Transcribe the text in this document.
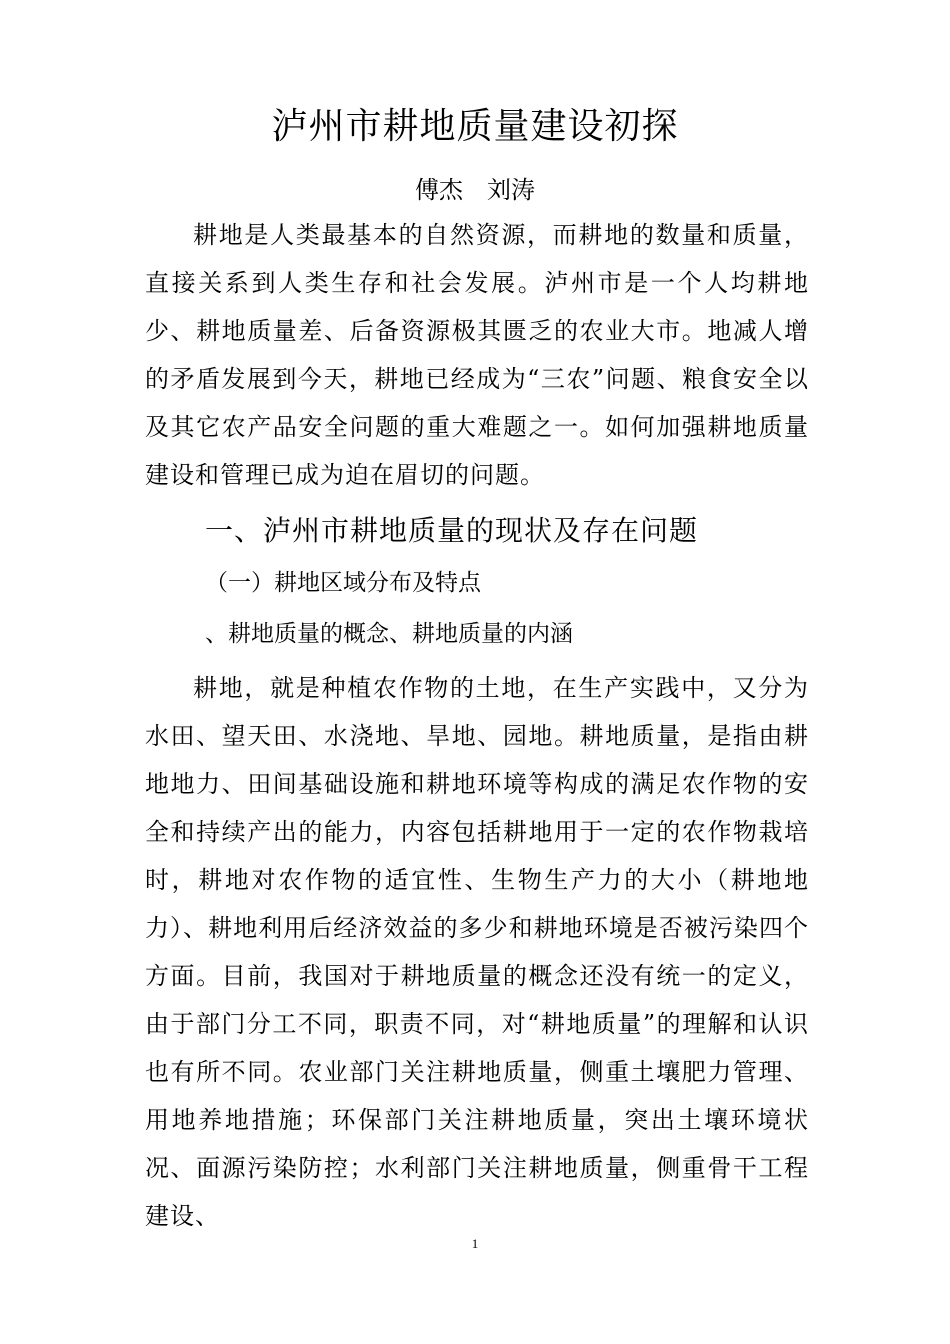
泸州市耕地质量建设初探
傅杰　刘涛
耕地是人类最基本的自然资源，而耕地的数量和质量，直接关系到人类生存和社会发展。泸州市是一个人均耕地少、耕地质量差、后备资源极其匮乏的农业大市。地减人增的矛盾发展到今天，耕地已经成为“三农”问题、粮食安全以及其它农产品安全问题的重大难题之一。如何加强耕地质量建设和管理已成为迫在眉切的问题。
一、泸州市耕地质量的现状及存在问题
（一）耕地区域分布及特点
、耕地质量的概念、耕地质量的内涵
耕地，就是种植农作物的土地，在生产实践中，又分为水田、望天田、水浇地、旱地、园地。耕地质量，是指由耕地地力、田间基础设施和耕地环境等构成的满足农作物的安全和持续产出的能力，内容包括耕地用于一定的农作物栽培时，耕地对农作物的适宜性、生物生产力的大小（耕地地力）、耕地利用后经济效益的多少和耕地环境是否被污染四个方面。目前，我国对于耕地质量的概念还没有统一的定义，由于部门分工不同，职责不同，对“耕地质量”的理解和认识也有所不同。农业部门关注耕地质量，侧重土壤肥力管理、用地养地措施；环保部门关注耕地质量，突出土壤环境状况、面源污染防控；水利部门关注耕地质量，侧重骨干工程建设、
1
